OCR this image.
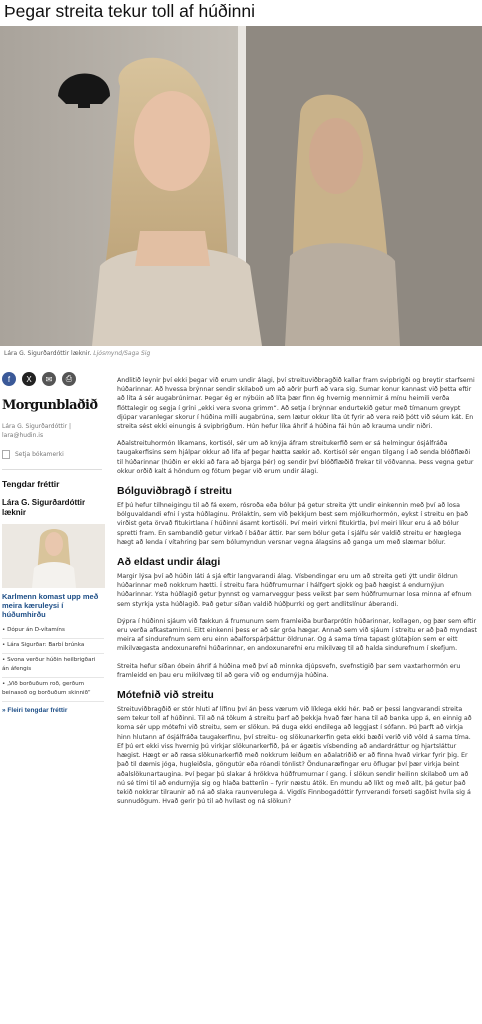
Þegar streita tekur toll af húðinni
Lára G. Sigurðardóttir læknir. Ljósmynd/Saga Sig
f	X	✉	⎙
Morgunblaðið
Lára G. Sigurðardóttir |
lara@hudin.is
Setja bókamerki
Tengdar fréttir
Lára G. Sigurðardóttir læknir
Karlmenn komast upp með meira kæruleysi í húðumhirðu
• Dópur án D-vítamíns
• Lára Sigurðar: Barbí brúnka
• Svona verður húðin heilbrigðari án áfengis
• „Við borðuðum roð, gerðum beinasoð og borðuðum skinnið“
» Fleiri tengdar fréttir

Andlitið leynir því ekki þegar við erum undir álagi, því streituviðbragðið kallar fram svipbrigði og breytir starfsemi húðarinnar. Að hvessa brýnnar sendir skilaboð um að aðrir þurfi að vara sig. Sumar konur kannast við þetta eftir að líta á sér augabrúnirnar. Þegar ég er nýbúin að líta þær finn ég hvernig mennirnir á mínu heimili verða flóttalegir og segja í gríni „ekki vera svona grimm“. Að setja í brýnnar endurtekið getur með tímanum greypt djúpar varanlegar skorur í húðina milli augabrúna, sem lætur okkur líta út fyrir að vera reið þótt við séum kát. En streita sést ekki einungis á svipbrigðum. Hún hefur líka áhrif á húðina fái hún að krauma undir niðri.

Aðalstreituhormón líkamans, kortisól, sér um að knýja áfram streitukerfið sem er sá helmingur ósjálfráða taugakerfisins sem hjálpar okkur að lifa af þegar hætta sækir að. Kortisól sér engan tilgang í að senda blóðflæði til húðarinnar (húðin er ekki að fara að bjarga þér) og sendir því blóðflæðið frekar til vöðvanna. Þess vegna getur okkur orðið kalt á höndum og fótum þegar við erum undir álagi.

Bólguviðbragð í streitu

Ef þú hefur tilhneigingu til að fá exem, rósroða eða bólur þá getur streita ýtt undir einkennin með því að losa bólguvaldandi efni í ysta húðlaginu. Prólaktín, sem við þekkjum best sem mjólkurhormón, eykst í streitu en það virðist geta örvað fitukirtlana í húðinni ásamt kortisóli. Því meiri virkni fitukirtla, því meiri líkur eru á að bólur spretti fram. En sambandið getur virkað í báðar áttir. Þar sem bólur geta í sjálfu sér valdið streitu er hæglega hægt að lenda í vítahring þar sem bólumyndun versnar vegna álagsins að ganga um með slæmar bólur.

Að eldast undir álagi

Margir lýsa því að húðin láti á sjá eftir langvarandi álag. Vísbendingar eru um að streita geti ýtt undir öldrun húðarinnar með nokkrum hætti. Í streitu fara húðfrumurnar í hálfgert sjokk og það hægist á endurnýjun húðarinnar. Ysta húðlagið getur þynnst og varnarveggur þess veikst þar sem húðfrumurnar losa minna af efnum sem styrkja ysta húðlagið. Það getur síðan valdið húðþurrki og gert andlitslínur áberandi.

Dýpra í húðinni sjáum við fækkun á frumunum sem framleiða burðarprótín húðarinnar, kollagen, og þær sem eftir eru verða afkastaminni. Eitt einkenni þess er að sár gróa hægar. Annað sem við sjáum í streitu er að það myndast meira af sindurefnum sem eru einn aðalforspárþáttur öldrunar. Og á sama tíma tapast glútaþíon sem er eitt mikilvægasta andoxunarefni húðarinnar, en andoxunarefni eru mikilvæg til að halda sindurefnum í skefjum.

Streita hefur síðan óbein áhrif á húðina með því að minnka djúpsvefn, svefnstigið þar sem vaxtarhormón eru framleidd en þau eru mikilvæg til að gera við og endurnýja húðina.

Mótefnið við streitu

Streituviðbragðið er stór hluti af lífinu því án þess værum við líklega ekki hér. Það er þessi langvarandi streita sem tekur toll af húðinni. Til að ná tökum á streitu þarf að þekkja hvað fær hana til að banka upp á, en einnig að koma sér upp mótefni við streitu, sem er slökun. Þá duga ekki endilega að leggjast í sófann. Þú þarft að virkja hinn hlutann af ósjálfráða taugakerfinu, því streitu- og slökunarkerfin geta ekki bæði verið við völd á sama tíma. Ef þú ert ekki viss hvernig þú virkjar slökunarkerfið, þá er ágætis vísbending að andardráttur og hjartsláttur hægist. Hægt er að ræsa slökunarkerfið með nokkrum leiðum en aðalatriðið er að finna hvað virkar fyrir þig. Er það til dæmis jóga, hugleiðsla, göngutúr eða róandi tónlist? Öndunaræfingar eru öflugar því þær virkja beint aðalslökunartaugina. Því þegar þú slakar á hrökkva húðfrumurnar í gang. Í slökun sendir heilinn skilaboð um að nú sé tími til að endurnýja sig og hlaða batteríin – fyrir næstu átök. En mundu að líkt og með allt, þá getur það tekið nokkrar tilraunir að ná að slaka raunverulega á. Vigdís Finnbogadóttir fyrrverandi forseti sagðist hvíla sig á sunnudögum. Hvað gerir þú til að hvílast og ná slökun?
